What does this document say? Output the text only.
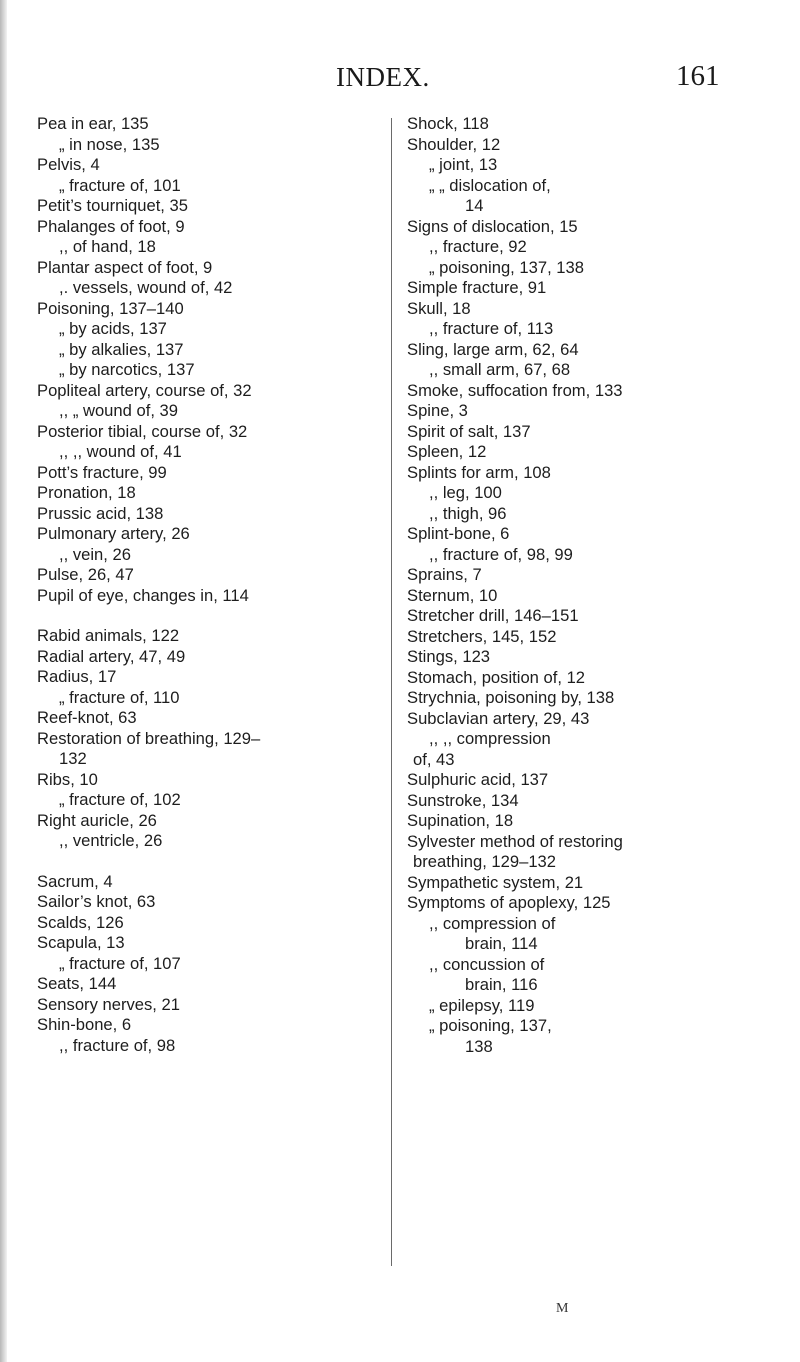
INDEX.	161
Pea in ear, 135
„ in nose, 135
Pelvis, 4
„ fracture of, 101
Petit’s tourniquet, 35
Phalanges of foot, 9
,, of hand, 18
Plantar aspect of foot, 9
,. vessels, wound of, 42
Poisoning, 137–140
„ by acids, 137
„ by alkalies, 137
„ by narcotics, 137
Popliteal artery, course of, 32
,, „ wound of, 39
Posterior tibial, course of, 32
,, ,, wound of, 41
Pott’s fracture, 99
Pronation, 18
Prussic acid, 138
Pulmonary artery, 26
,, vein, 26
Pulse, 26, 47
Pupil of eye, changes in, 114
Rabid animals, 122
Radial artery, 47, 49
Radius, 17
„ fracture of, 110
Reef-knot, 63
Restoration of breathing, 129–
132
Ribs, 10
„ fracture of, 102
Right auricle, 26
,, ventricle, 26
Sacrum, 4
Sailor’s knot, 63
Scalds, 126
Scapula, 13
„ fracture of, 107
Seats, 144
Sensory nerves, 21
Shin-bone, 6
,, fracture of, 98
Shock, 118
Shoulder, 12
„ joint, 13
„ „ dislocation of,
14
Signs of dislocation, 15
,, fracture, 92
„ poisoning, 137, 138
Simple fracture, 91
Skull, 18
,, fracture of, 113
Sling, large arm, 62, 64
,, small arm, 67, 68
Smoke, suffocation from, 133
Spine, 3
Spirit of salt, 137
Spleen, 12
Splints for arm, 108
,, leg, 100
,, thigh, 96
Splint-bone, 6
,, fracture of, 98, 99
Sprains, 7
Sternum, 10
Stretcher drill, 146–151
Stretchers, 145, 152
Stings, 123
Stomach, position of, 12
Strychnia, poisoning by, 138
Subclavian artery, 29, 43
,, ,, compression
of, 43
Sulphuric acid, 137
Sunstroke, 134
Supination, 18
Sylvester method of restoring
breathing, 129–132
Sympathetic system, 21
Symptoms of apoplexy, 125
,, compression of
brain, 114
,, concussion of
brain, 116
„ epilepsy, 119
„ poisoning, 137,
138
M
